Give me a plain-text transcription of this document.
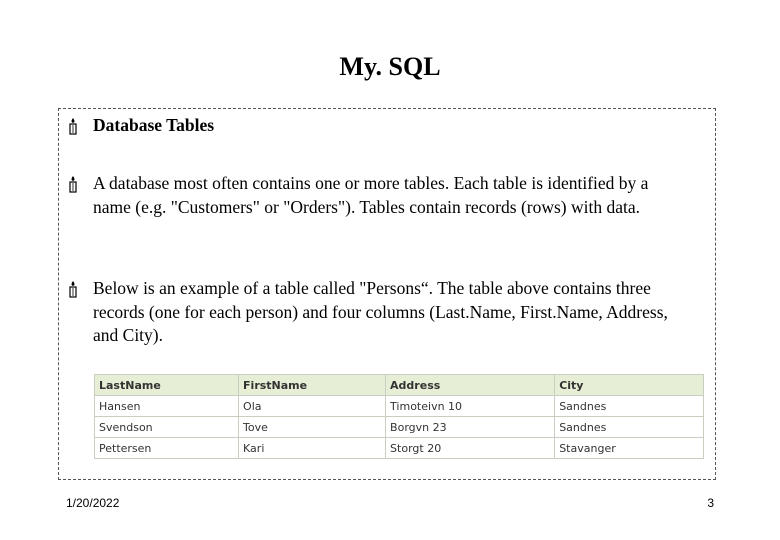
My. SQL
Database Tables
A database most often contains one or more tables. Each table is identified by a name (e.g. "Customers" or "Orders"). Tables contain records (rows) with data.
Below is an example of a table called "Persons“. The table above contains three records (one for each person) and four columns (Last.Name, First.Name, Address, and City).
LastName	FirstName	Address	City
Hansen	Ola	Timoteivn 10	Sandnes
Svendson	Tove	Borgvn 23	Sandnes
Pettersen	Kari	Storgt 20	Stavanger
1/20/2022	3
